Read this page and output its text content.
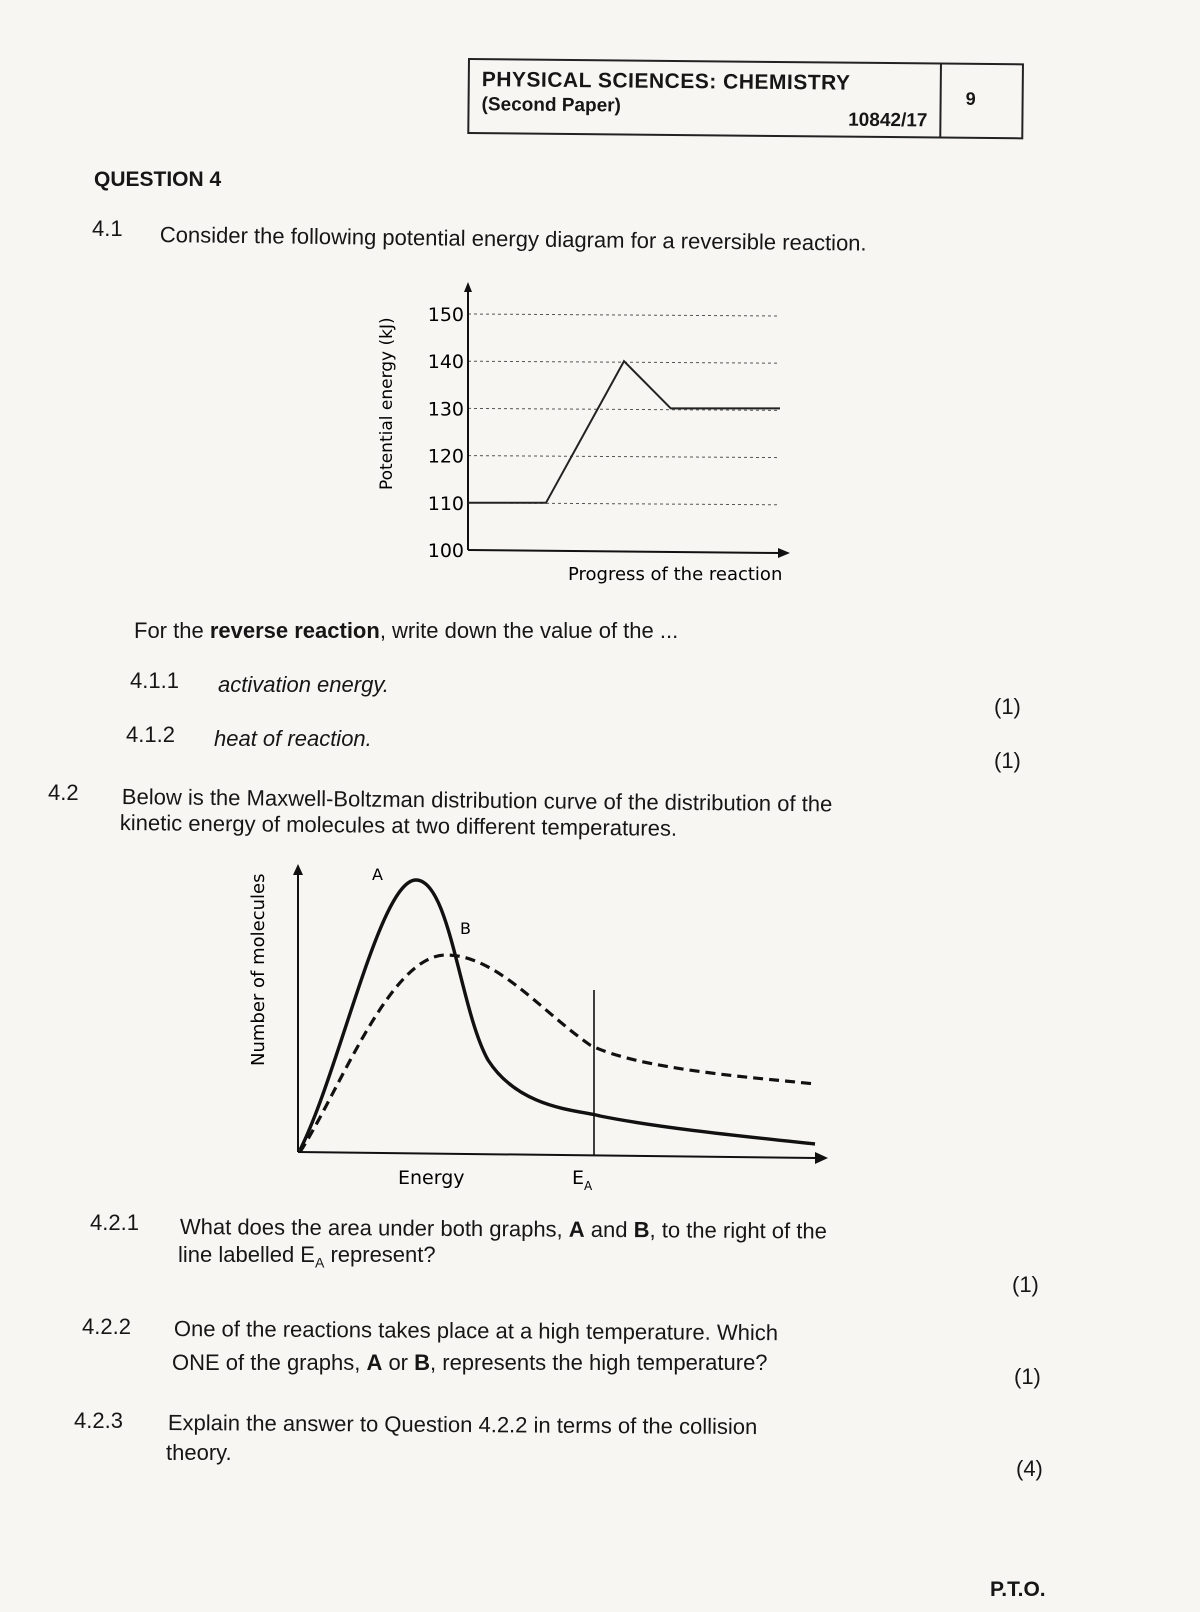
PHYSICAL SCIENCES: CHEMISTRY
(Second Paper)
10842/17
9
QUESTION 4
4.1 Consider the following potential energy diagram for a reversible reaction.
100
110
120
130
140
150
Potential energy (kJ)
Progress of the reaction
For the reverse reaction, write down the value of the ...
4.1.1 activation energy.
(1)
4.1.2 heat of reaction.
(1)
4.2 Below is the Maxwell-Boltzman distribution curve of the distribution of the
kinetic energy of molecules at two different temperatures.
A
B
Number of molecules
Energy	$E_A$
4.2.1 What does the area under both graphs, A and B, to the right of the
line labelled $E_A$ represent?
(1)
4.2.2 One of the reactions takes place at a high temperature. Which
ONE of the graphs, A or B, represents the high temperature?
(1)
4.2.3 Explain the answer to Question 4.2.2 in terms of the collision
theory.
(4)
P.T.O.
